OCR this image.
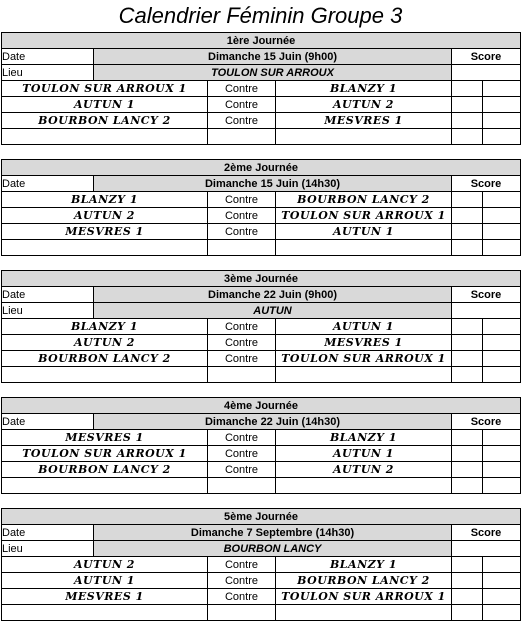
Calendrier Féminin Groupe 3
1ère Journée					
Date	Dimanche 15 Juin (9h00)			Score	
Lieu	TOULON SUR ARROUX				
TOULON SUR ARROUX 1		Contre	BLANZY 1		
AUTUN 1		Contre	AUTUN 2		
BOURBON LANCY 2		Contre	MESVRES 1		

2ème Journée					
Date	Dimanche 15 Juin (14h30)			Score	
BLANZY 1		Contre	BOURBON LANCY 2		
AUTUN 2		Contre	TOULON SUR ARROUX 1		
MESVRES 1		Contre	AUTUN 1		

3ème Journée					
Date	Dimanche 22 Juin (9h00)			Score	
Lieu	AUTUN				
BLANZY 1		Contre	AUTUN 1		
AUTUN 2		Contre	MESVRES 1		
BOURBON LANCY 2		Contre	TOULON SUR ARROUX 1		

4ème Journée					
Date	Dimanche 22 Juin (14h30)			Score	
MESVRES 1		Contre	BLANZY 1		
TOULON SUR ARROUX 1		Contre	AUTUN 1		
BOURBON LANCY 2		Contre	AUTUN 2		

5ème Journée					
Date	Dimanche 7 Septembre (14h30)			Score	
Lieu	BOURBON LANCY				
AUTUN 2		Contre	BLANZY 1		
AUTUN 1		Contre	BOURBON LANCY 2		
MESVRES 1		Contre	TOULON SUR ARROUX 1		
